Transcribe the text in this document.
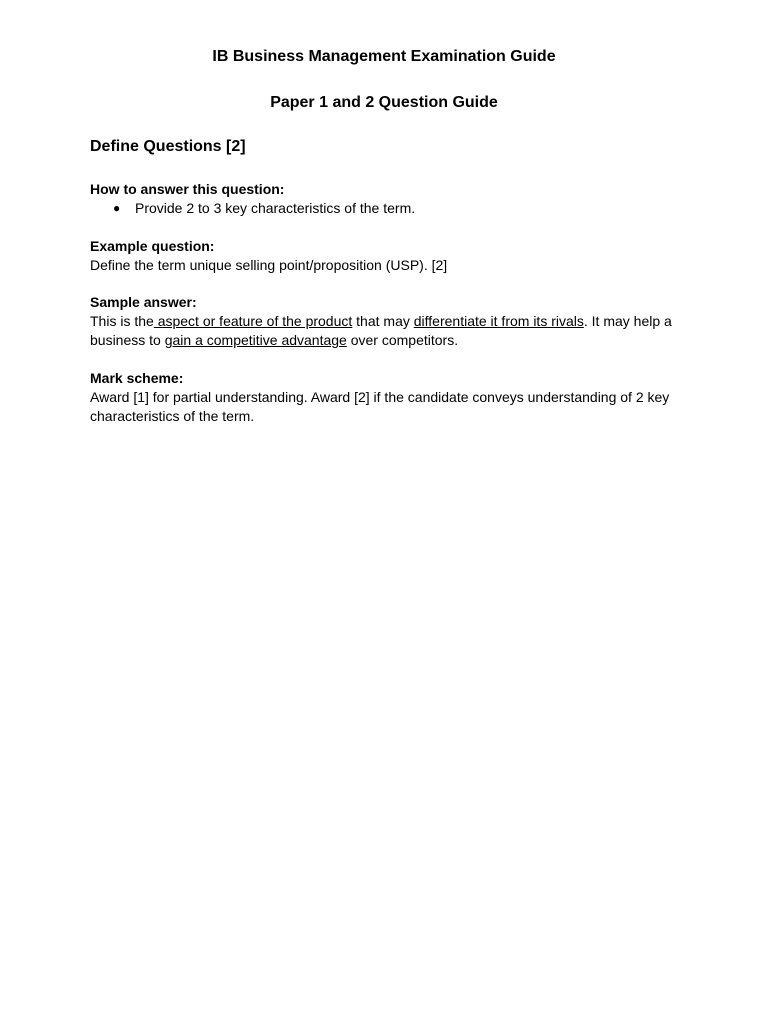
IB Business Management Examination Guide
Paper 1 and 2 Question Guide
Define Questions [2]
How to answer this question:
● Provide 2 to 3 key characteristics of the term.
Example question:
Define the term unique selling point/proposition (USP). [2]
Sample answer:
This is the aspect or feature of the product that may differentiate it from its rivals. It may help a business to gain a competitive advantage over competitors.
Mark scheme:
Award [1] for partial understanding. Award [2] if the candidate conveys understanding of 2 key characteristics of the term.
